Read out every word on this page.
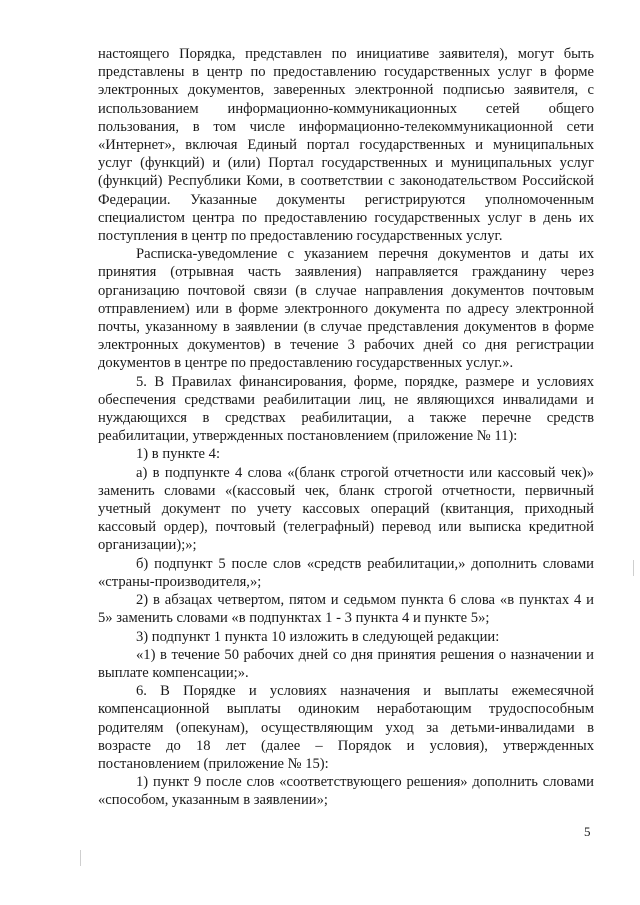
настоящего Порядка, представлен по инициативе заявителя), могут быть представлены в центр по предоставлению государственных услуг в форме электронных документов, заверенных электронной подписью заявителя, с использованием информационно-коммуникационных сетей общего пользования, в том числе информационно-телекоммуникационной сети «Интернет», включая Единый портал государственных и муниципальных услуг (функций) и (или) Портал государственных и муниципальных услуг (функций) Республики Коми, в соответствии с законодательством Российской Федерации. Указанные документы регистрируются уполномоченным специалистом центра по предоставлению государственных услуг в день их поступления в центр по предоставлению государственных услуг.

Расписка-уведомление с указанием перечня документов и даты их принятия (отрывная часть заявления) направляется гражданину через организацию почтовой связи (в случае направления документов почтовым отправлением) или в форме электронного документа по адресу электронной почты, указанному в заявлении (в случае представления документов в форме электронных документов) в течение 3 рабочих дней со дня регистрации документов в центре по предоставлению государственных услуг.».

5. В Правилах финансирования, форме, порядке, размере и условиях обеспечения средствами реабилитации лиц, не являющихся инвалидами и нуждающихся в средствах реабилитации, а также перечне средств реабилитации, утвержденных постановлением (приложение № 11):

1) в пункте 4:

а) в подпункте 4 слова «(бланк строгой отчетности или кассовый чек)» заменить словами «(кассовый чек, бланк строгой отчетности, первичный учетный документ по учету кассовых операций (квитанция, приходный кассовый ордер), почтовый (телеграфный) перевод или выписка кредитной организации);»;

б) подпункт 5 после слов «средств реабилитации,» дополнить словами «страны-производителя,»;

2) в абзацах четвертом, пятом и седьмом пункта 6 слова «в пунктах 4 и 5» заменить словами «в подпунктах 1 - 3 пункта 4 и пункте 5»;

3) подпункт 1 пункта 10 изложить в следующей редакции:

«1) в течение 50 рабочих дней со дня принятия решения о назначении и выплате компенсации;».

6. В Порядке и условиях назначения и выплаты ежемесячной компенсационной выплаты одиноким неработающим трудоспособным родителям (опекунам), осуществляющим уход за детьми-инвалидами в возрасте до 18 лет (далее – Порядок и условия), утвержденных постановлением (приложение № 15):

1) пункт 9 после слов «соответствующего решения» дополнить словами «способом, указанным в заявлении»;

5
